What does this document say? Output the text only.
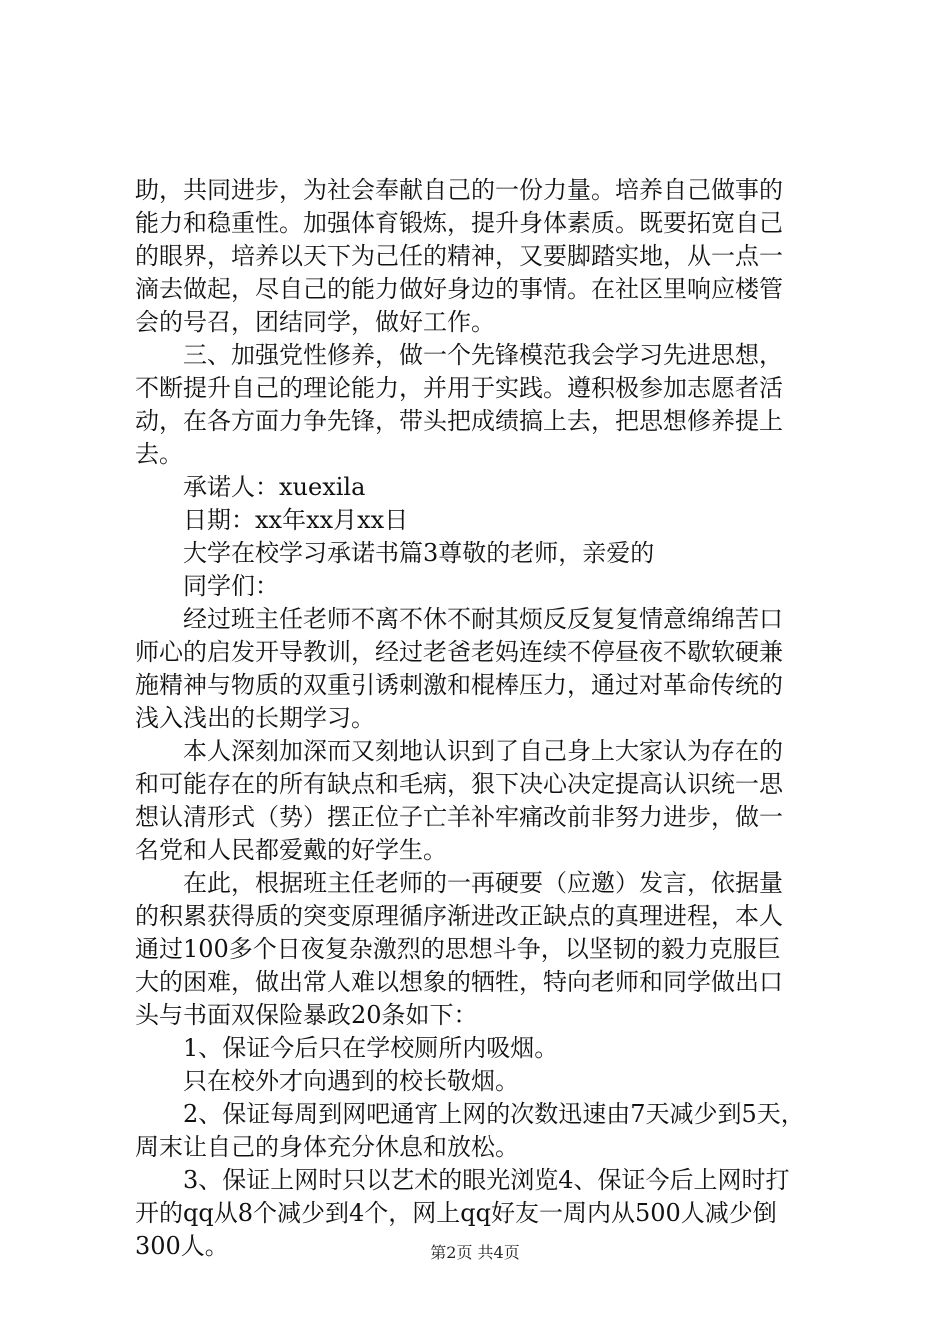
助，共同进步，为社会奉献自己的一份力量。培养自己做事的

能力和稳重性。加强体育锻炼，提升身体素质。既要拓宽自己

的眼界，培养以天下为己任的精神，又要脚踏实地，从一点一

滴去做起，尽自己的能力做好身边的事情。在社区里响应楼管

会的号召，团结同学，做好工作。

三、加强党性修养，做一个先锋模范我会学习先进思想，

不断提升自己的理论能力，并用于实践。遵积极参加志愿者活

动，在各方面力争先锋，带头把成绩搞上去，把思想修养提上

去。

承诺人：xuexila

日期：xx年xx月xx日

大学在校学习承诺书篇3尊敬的老师，亲爱的

同学们：

经过班主任老师不离不休不耐其烦反反复复情意绵绵苦口

师心的启发开导教训，经过老爸老妈连续不停昼夜不歇软硬兼

施精神与物质的双重引诱刺激和棍棒压力，通过对革命传统的

浅入浅出的长期学习。

本人深刻加深而又刻地认识到了自己身上大家认为存在的

和可能存在的所有缺点和毛病，狠下决心决定提高认识统一思

想认清形式（势）摆正位子亡羊补牢痛改前非努力进步，做一

名党和人民都爱戴的好学生。

在此，根据班主任老师的一再硬要（应邀）发言，依据量

的积累获得质的突变原理循序渐进改正缺点的真理进程，本人

通过100多个日夜复杂激烈的思想斗争，以坚韧的毅力克服巨

大的困难，做出常人难以想象的牺牲，特向老师和同学做出口

头与书面双保险暴政20条如下：

1、保证今后只在学校厕所内吸烟。

只在校外才向遇到的校长敬烟。

2、保证每周到网吧通宵上网的次数迅速由7天减少到5天，

周末让自己的身体充分休息和放松。

3、保证上网时只以艺术的眼光浏览4、保证今后上网时打

开的qq从8个减少到4个，网上qq好友一周内从500人减少倒

300人。	第2页 共4页
